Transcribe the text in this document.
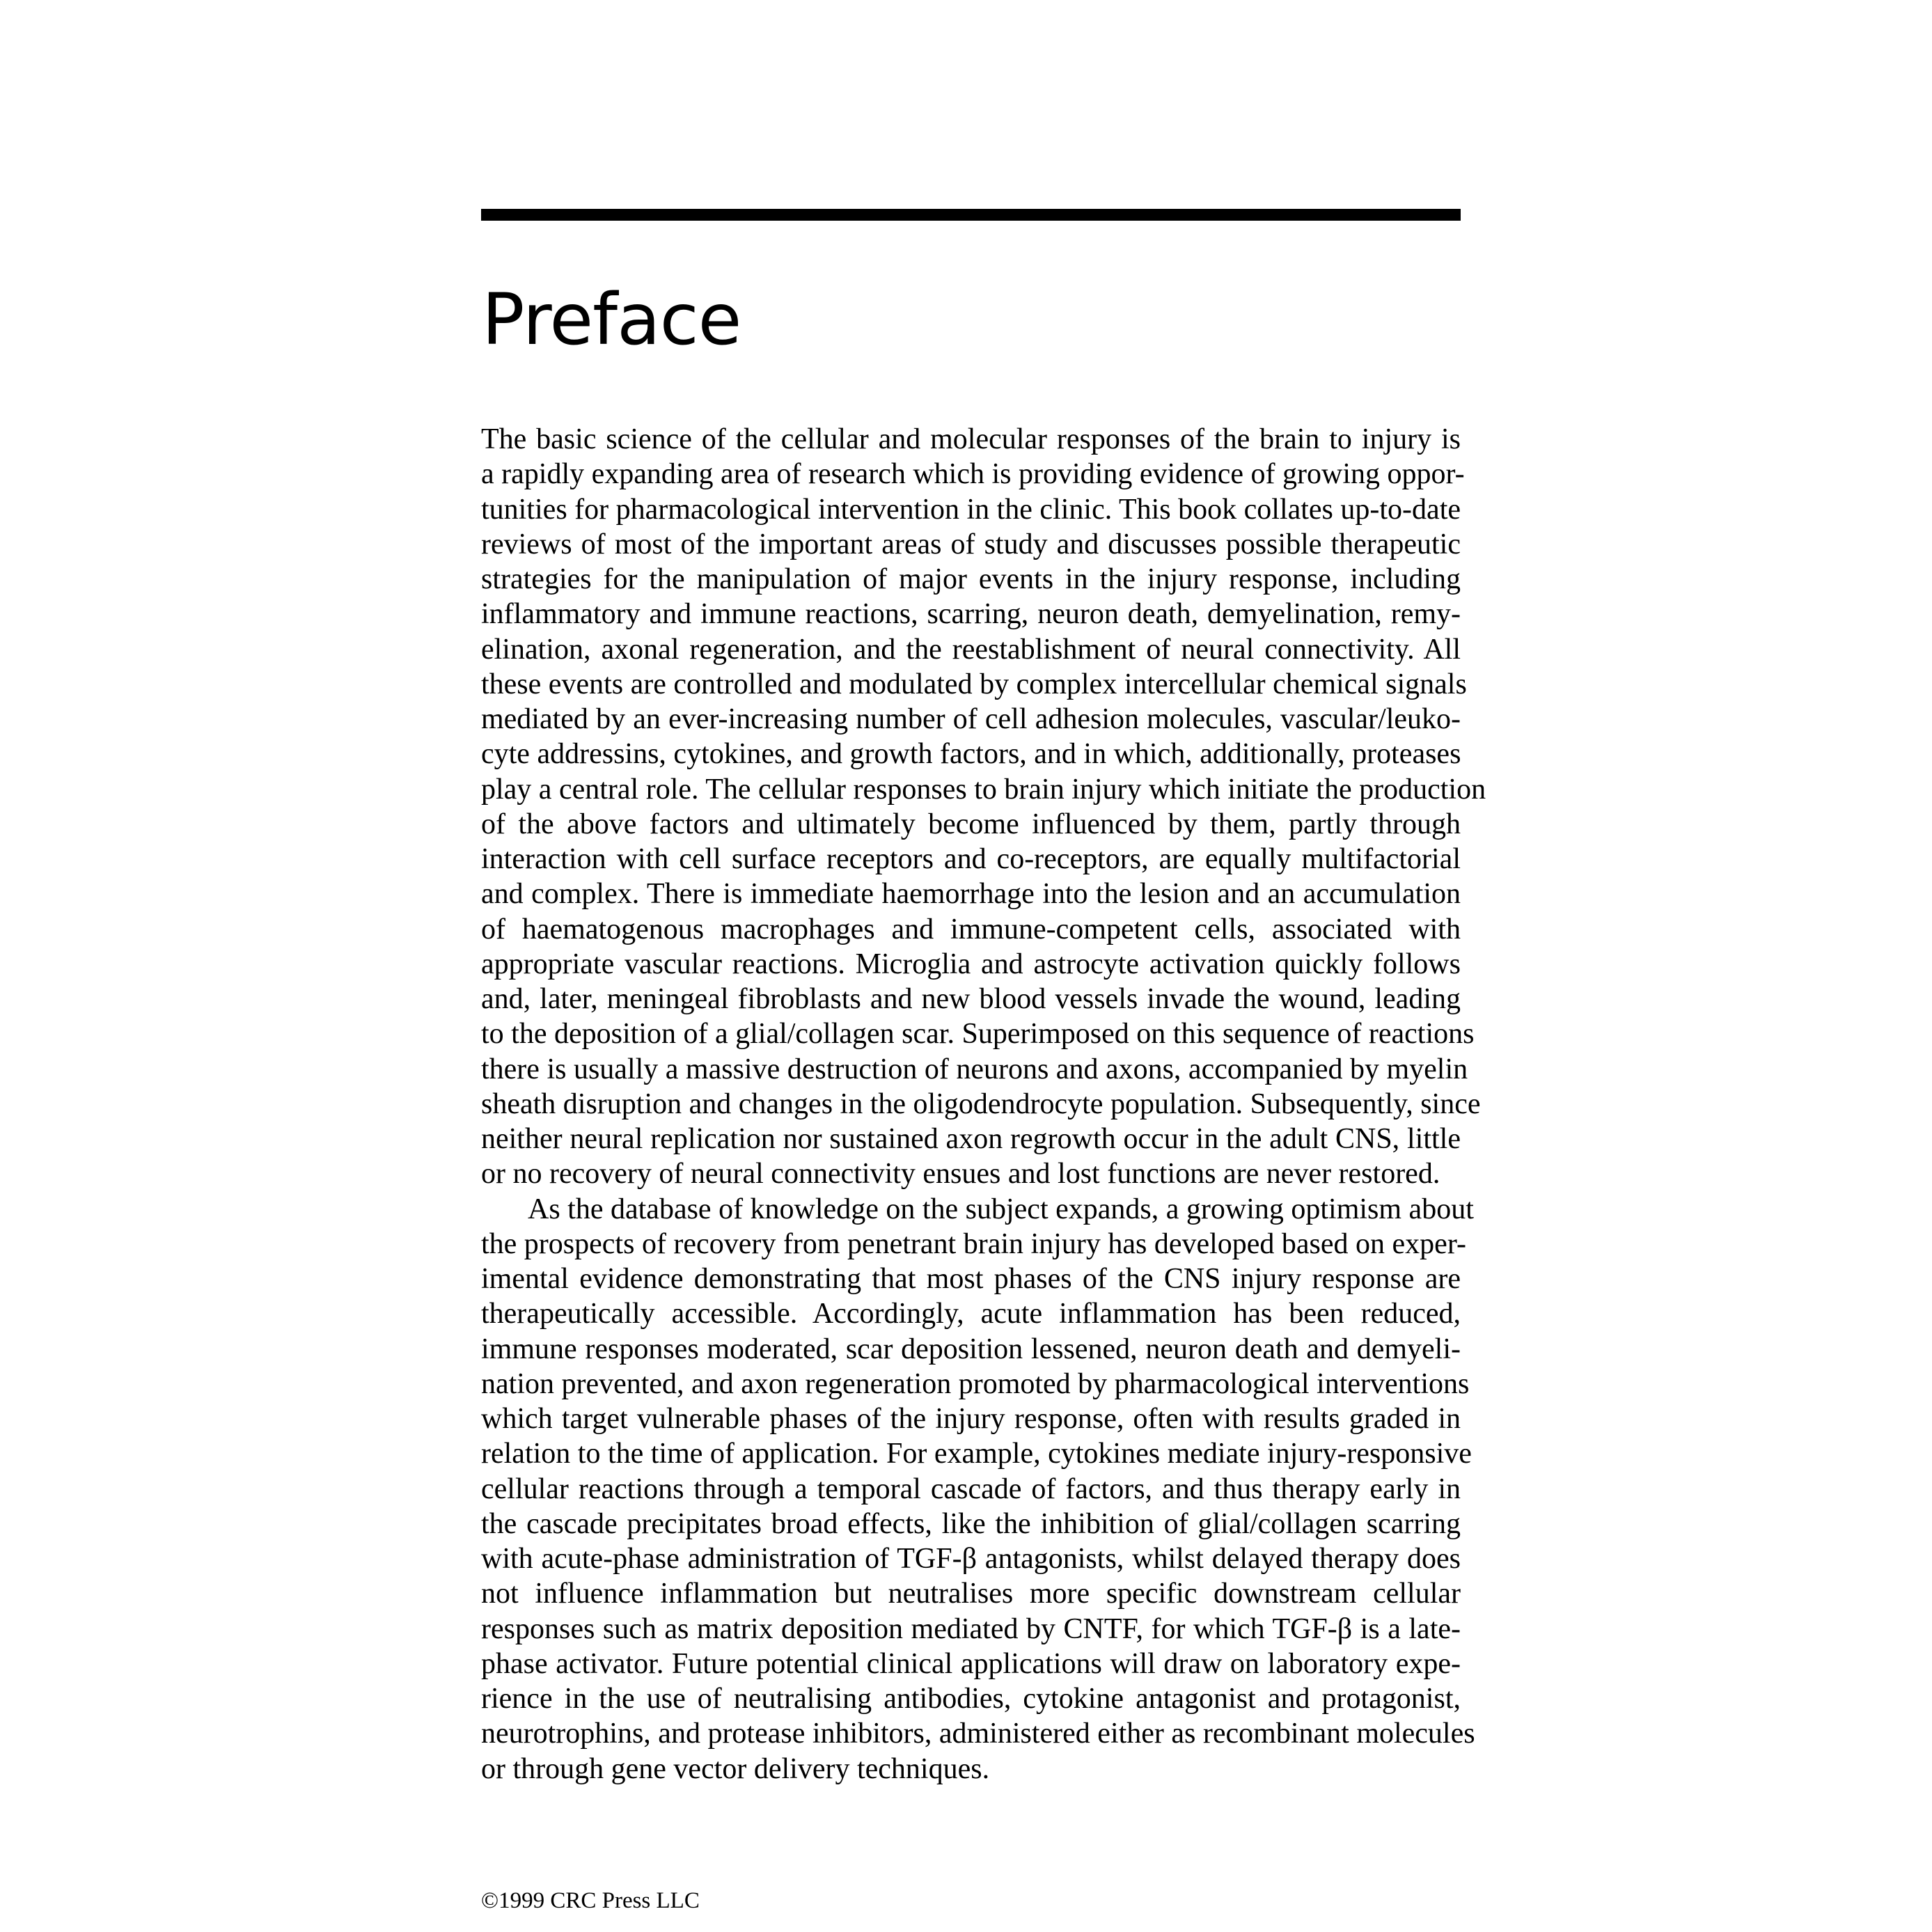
Preface

The basic science of the cellular and molecular responses of the brain to injury is
a rapidly expanding area of research which is providing evidence of growing oppor-
tunities for pharmacological intervention in the clinic. This book collates up-to-date
reviews of most of the important areas of study and discusses possible therapeutic
strategies for the manipulation of major events in the injury response, including
inflammatory and immune reactions, scarring, neuron death, demyelination, remy-
elination, axonal regeneration, and the reestablishment of neural connectivity. All
these events are controlled and modulated by complex intercellular chemical signals
mediated by an ever-increasing number of cell adhesion molecules, vascular/leuko-
cyte addressins, cytokines, and growth factors, and in which, additionally, proteases
play a central role. The cellular responses to brain injury which initiate the production
of the above factors and ultimately become influenced by them, partly through
interaction with cell surface receptors and co-receptors, are equally multifactorial
and complex. There is immediate haemorrhage into the lesion and an accumulation
of haematogenous macrophages and immune-competent cells, associated with
appropriate vascular reactions. Microglia and astrocyte activation quickly follows
and, later, meningeal fibroblasts and new blood vessels invade the wound, leading
to the deposition of a glial/collagen scar. Superimposed on this sequence of reactions
there is usually a massive destruction of neurons and axons, accompanied by myelin
sheath disruption and changes in the oligodendrocyte population. Subsequently, since
neither neural replication nor sustained axon regrowth occur in the adult CNS, little
or no recovery of neural connectivity ensues and lost functions are never restored.

As the database of knowledge on the subject expands, a growing optimism about
the prospects of recovery from penetrant brain injury has developed based on exper-
imental evidence demonstrating that most phases of the CNS injury response are
therapeutically accessible. Accordingly, acute inflammation has been reduced,
immune responses moderated, scar deposition lessened, neuron death and demyeli-
nation prevented, and axon regeneration promoted by pharmacological interventions
which target vulnerable phases of the injury response, often with results graded in
relation to the time of application. For example, cytokines mediate injury-responsive
cellular reactions through a temporal cascade of factors, and thus therapy early in
the cascade precipitates broad effects, like the inhibition of glial/collagen scarring
with acute-phase administration of TGF-β antagonists, whilst delayed therapy does
not influence inflammation but neutralises more specific downstream cellular
responses such as matrix deposition mediated by CNTF, for which TGF-β is a late-
phase activator. Future potential clinical applications will draw on laboratory expe-
rience in the use of neutralising antibodies, cytokine antagonist and protagonist,
neurotrophins, and protease inhibitors, administered either as recombinant molecules
or through gene vector delivery techniques.

©1999 CRC Press LLC
